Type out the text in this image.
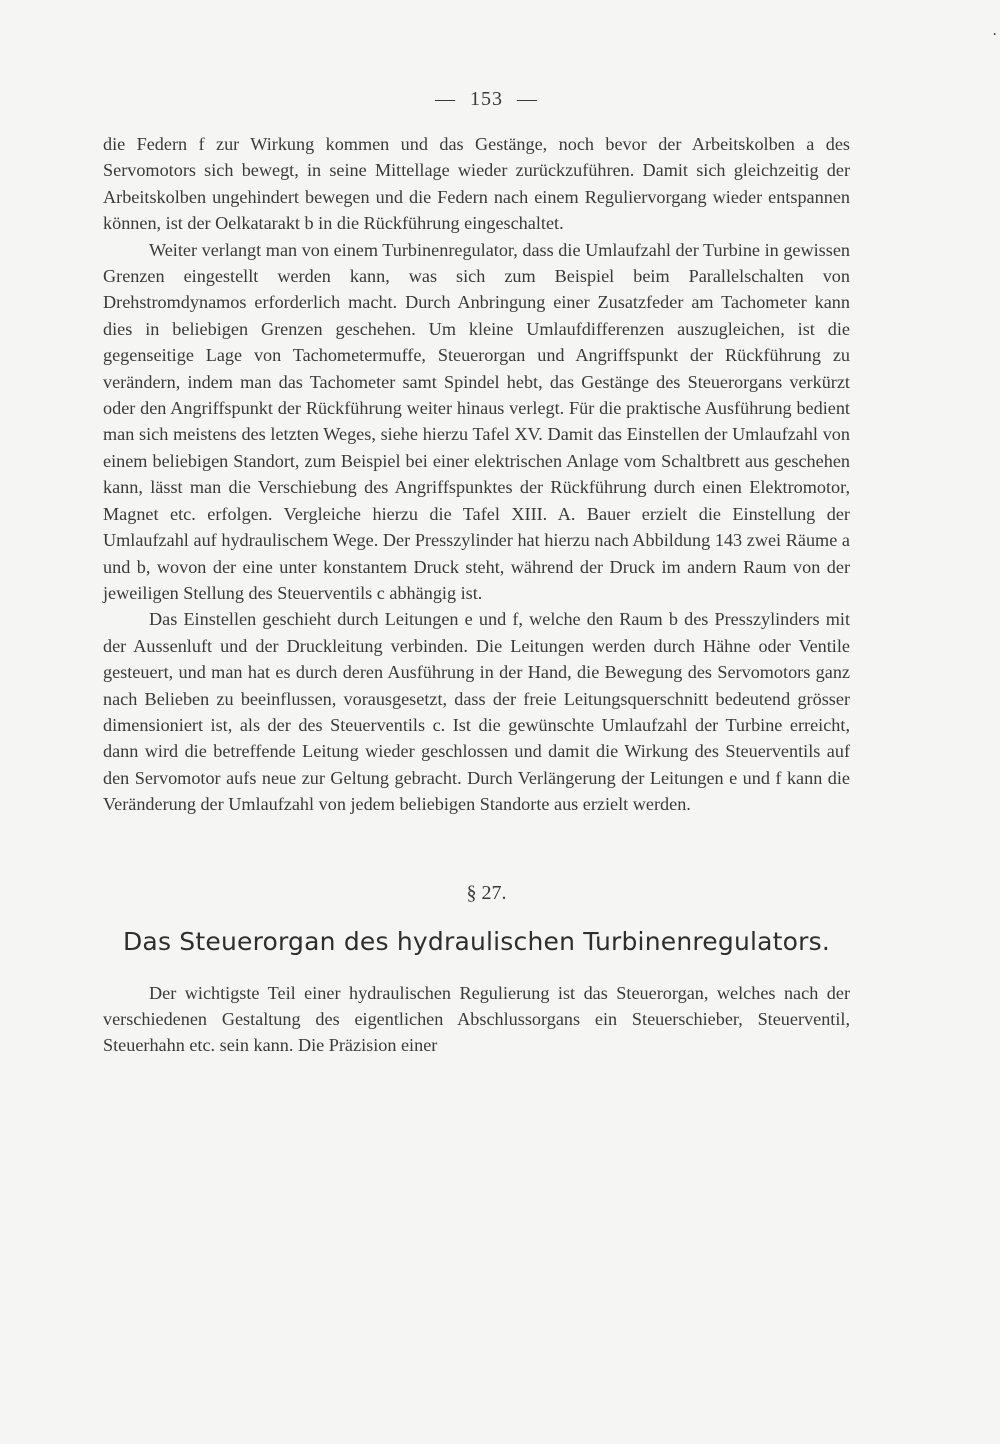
•
— 153 —

die Federn f zur Wirkung kommen und das Gestänge, noch bevor der Arbeitskolben a des Servomotors sich bewegt, in seine Mittellage wieder zurückzuführen. Damit sich gleichzeitig der Arbeitskolben ungehindert bewegen und die Federn nach einem Reguliervorgang wieder entspannen können, ist der Oelkatarakt b in die Rückführung eingeschaltet.

Weiter verlangt man von einem Turbinenregulator, dass die Umlaufzahl der Turbine in gewissen Grenzen eingestellt werden kann, was sich zum Beispiel beim Parallelschalten von Drehstromdynamos erforderlich macht. Durch Anbringung einer Zusatzfeder am Tachometer kann dies in beliebigen Grenzen geschehen. Um kleine Umlaufdifferenzen auszugleichen, ist die gegenseitige Lage von Tachometermuffe, Steuerorgan und Angriffspunkt der Rückführung zu verändern, indem man das Tachometer samt Spindel hebt, das Gestänge des Steuerorgans verkürzt oder den Angriffspunkt der Rückführung weiter hinaus verlegt. Für die praktische Ausführung bedient man sich meistens des letzten Weges, siehe hierzu Tafel XV. Damit das Einstellen der Umlaufzahl von einem beliebigen Standort, zum Beispiel bei einer elektrischen Anlage vom Schaltbrett aus geschehen kann, lässt man die Verschiebung des Angriffspunktes der Rückführung durch einen Elektromotor, Magnet etc. erfolgen. Vergleiche hierzu die Tafel XIII. A. Bauer erzielt die Einstellung der Umlaufzahl auf hydraulischem Wege. Der Presszylinder hat hierzu nach Abbildung 143 zwei Räume a und b, wovon der eine unter konstantem Druck steht, während der Druck im andern Raum von der jeweiligen Stellung des Steuerventils c abhängig ist.

Das Einstellen geschieht durch Leitungen e und f, welche den Raum b des Presszylinders mit der Aussenluft und der Druckleitung verbinden. Die Leitungen werden durch Hähne oder Ventile gesteuert, und man hat es durch deren Ausführung in der Hand, die Bewegung des Servomotors ganz nach Belieben zu beeinflussen, vorausgesetzt, dass der freie Leitungsquerschnitt bedeutend grösser dimensioniert ist, als der des Steuerventils c. Ist die gewünschte Umlaufzahl der Turbine erreicht, dann wird die betreffende Leitung wieder geschlossen und damit die Wirkung des Steuerventils auf den Servomotor aufs neue zur Geltung gebracht. Durch Verlängerung der Leitungen e und f kann die Veränderung der Umlaufzahl von jedem beliebigen Standorte aus erzielt werden.

§ 27.
Das Steuerorgan des hydraulischen Turbinenregulators.

Der wichtigste Teil einer hydraulischen Regulierung ist das Steuerorgan, welches nach der verschiedenen Gestaltung des eigentlichen Abschlussorgans ein Steuerschieber, Steuerventil, Steuerhahn etc. sein kann. Die Präzision einer
